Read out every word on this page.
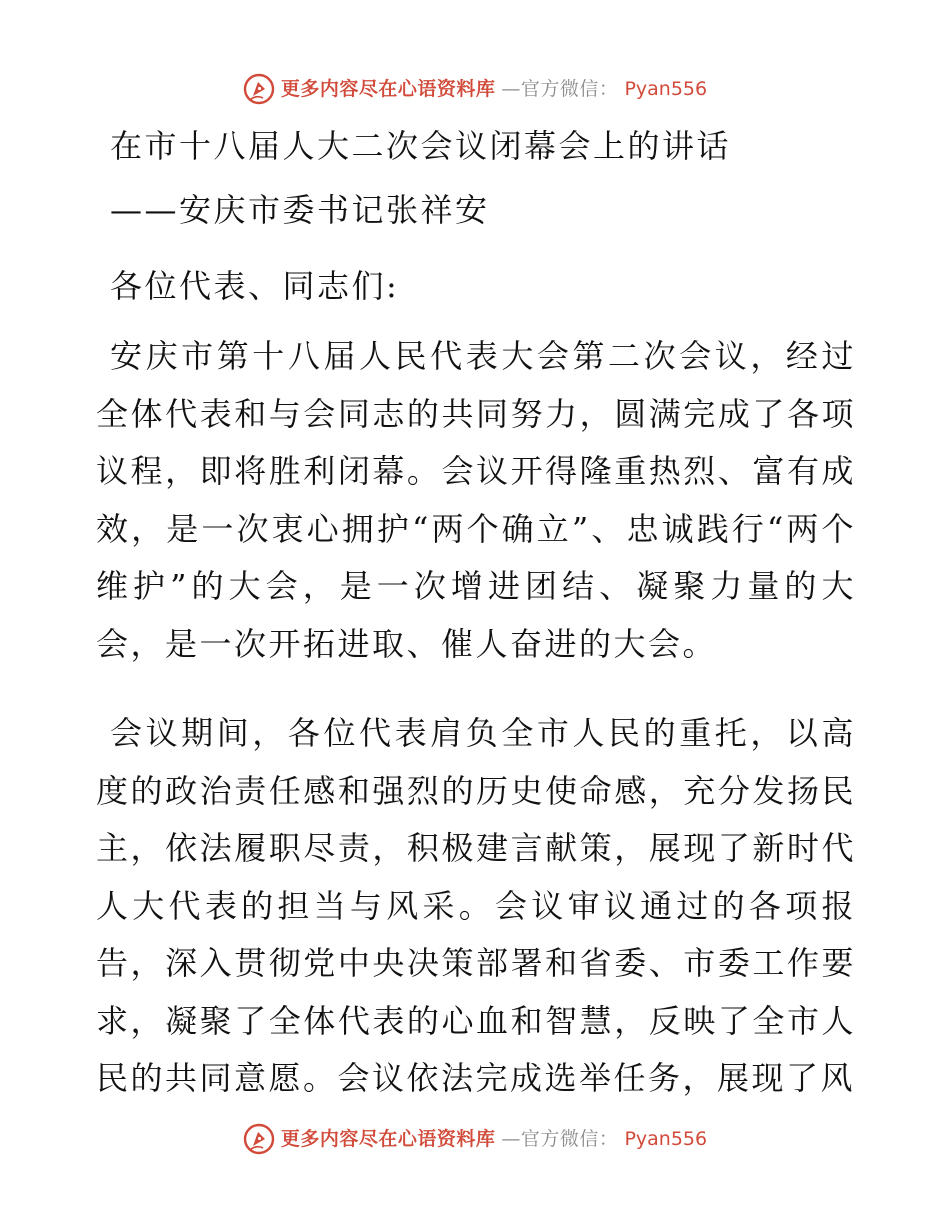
更多内容尽在心语资料库 —官方微信： Pyan556

在市十八届人大二次会议闭幕会上的讲话

——安庆市委书记张祥安

各位代表、同志们:

安庆市第十八届人民代表大会第二次会议，经过全体代表和与会同志的共同努力，圆满完成了各项议程，即将胜利闭幕。会议开得隆重热烈、富有成效，是一次衷心拥护“两个确立”、忠诚践行“两个维护”的大会，是一次增进团结、凝聚力量的大会，是一次开拓进取、催人奋进的大会。

会议期间，各位代表肩负全市人民的重托，以高度的政治责任感和强烈的历史使命感，充分发扬民主，依法履职尽责，积极建言献策，展现了新时代人大代表的担当与风采。会议审议通过的各项报告，深入贯彻党中央决策部署和省委、市委工作要求，凝聚了全体代表的心血和智慧，反映了全市人民的共同意愿。会议依法完成选举任务，展现了风

更多内容尽在心语资料库 —官方微信： Pyan556
